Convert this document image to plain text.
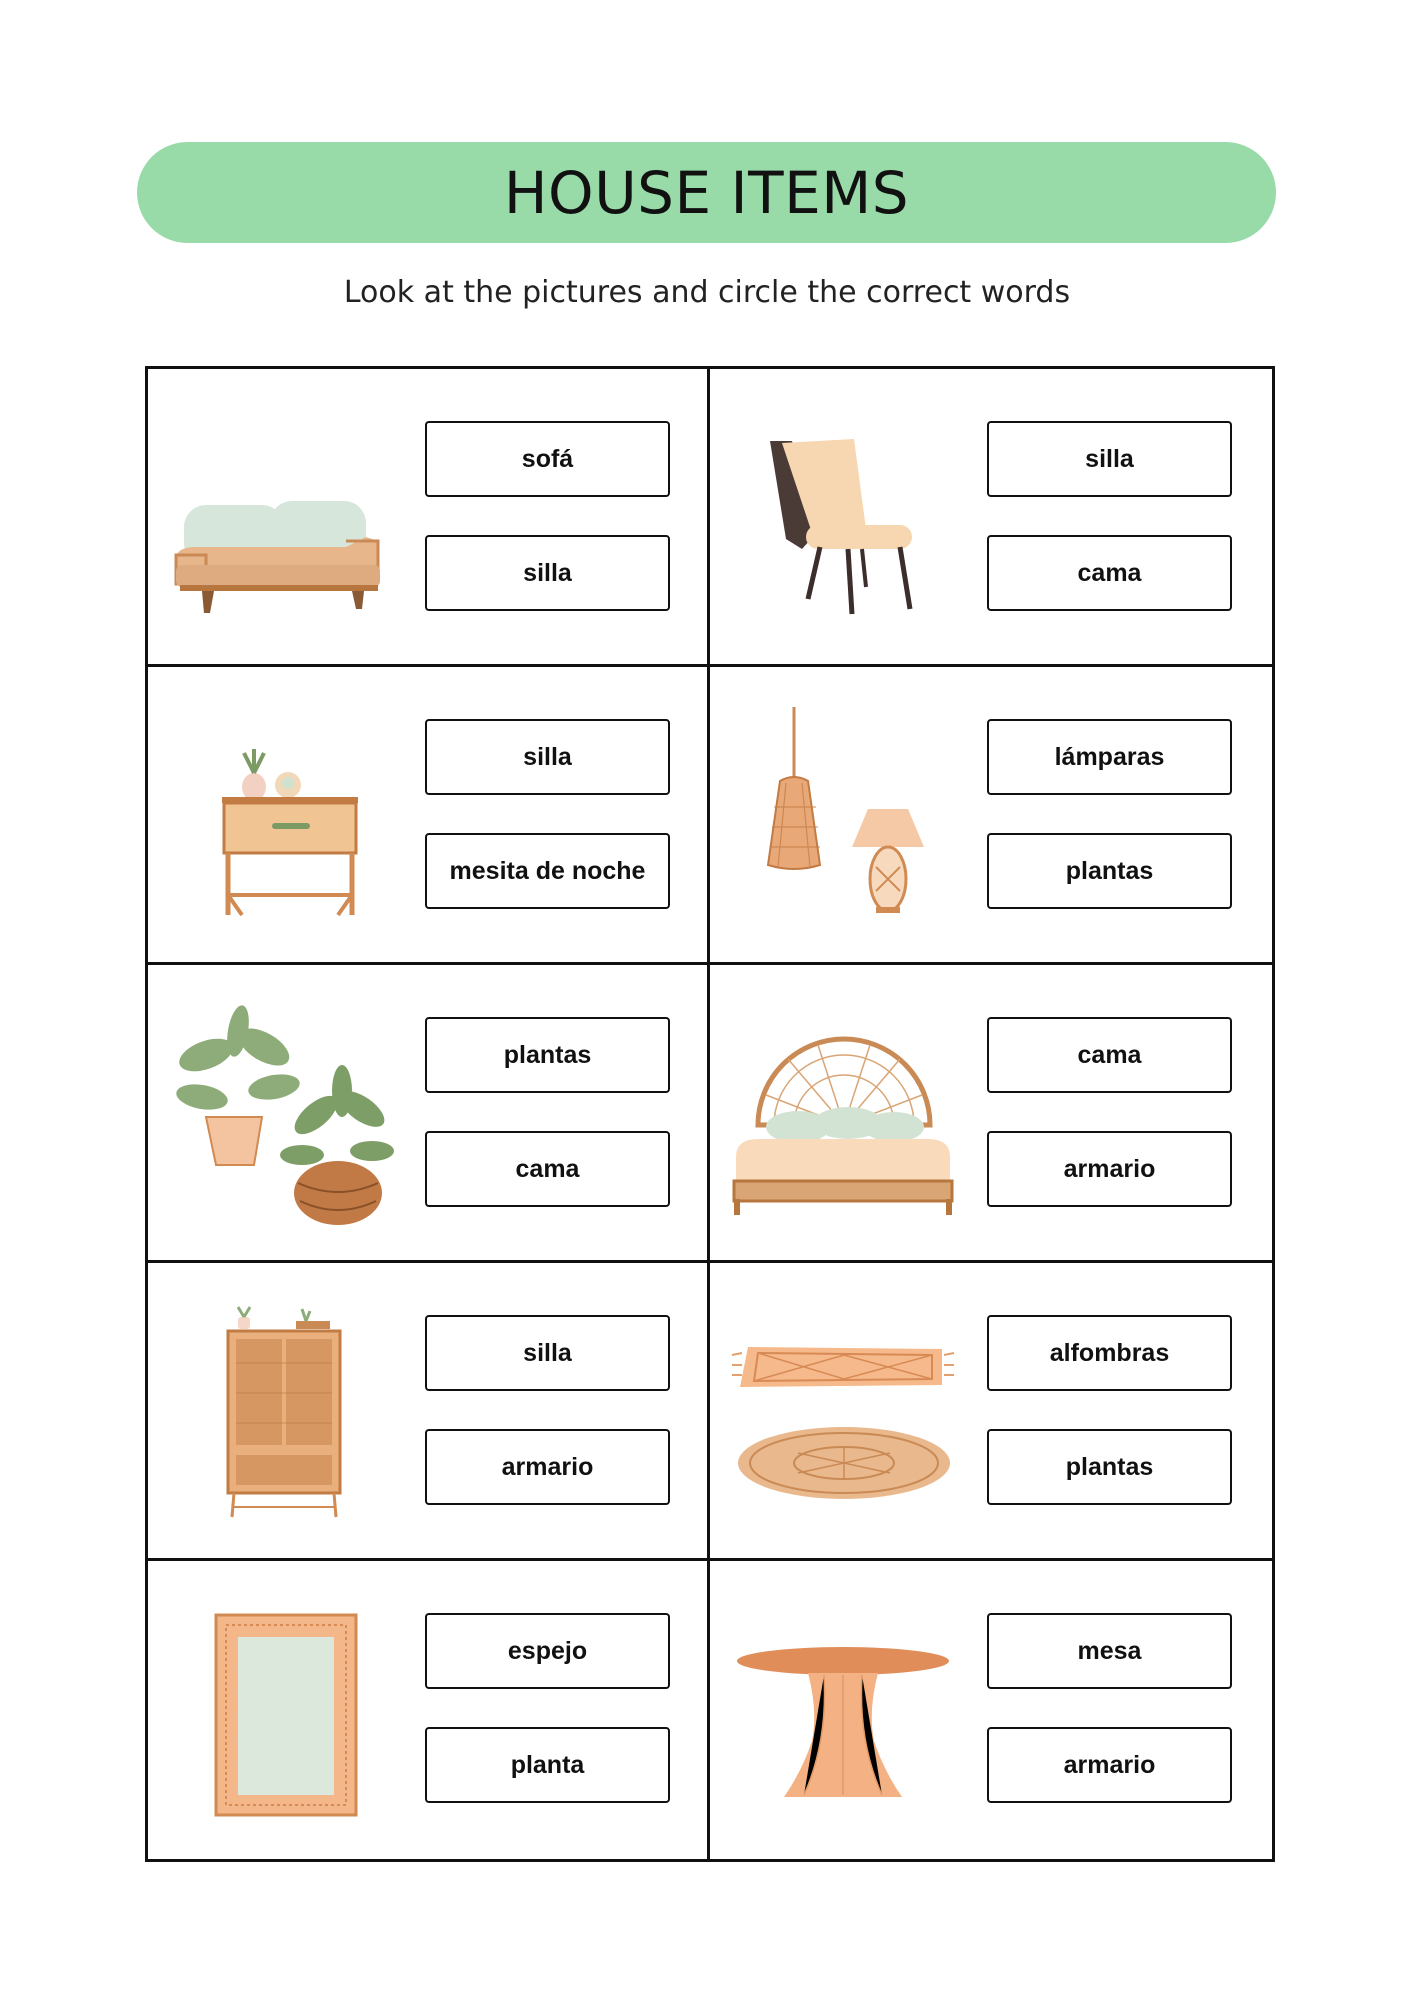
HOUSE ITEMS
Look at the pictures and circle the correct words
sofá
silla
silla
cama
silla
mesita de noche
lámparas
plantas
plantas
cama
cama
armario
silla
armario
alfombras
plantas
espejo
planta
mesa
armario
